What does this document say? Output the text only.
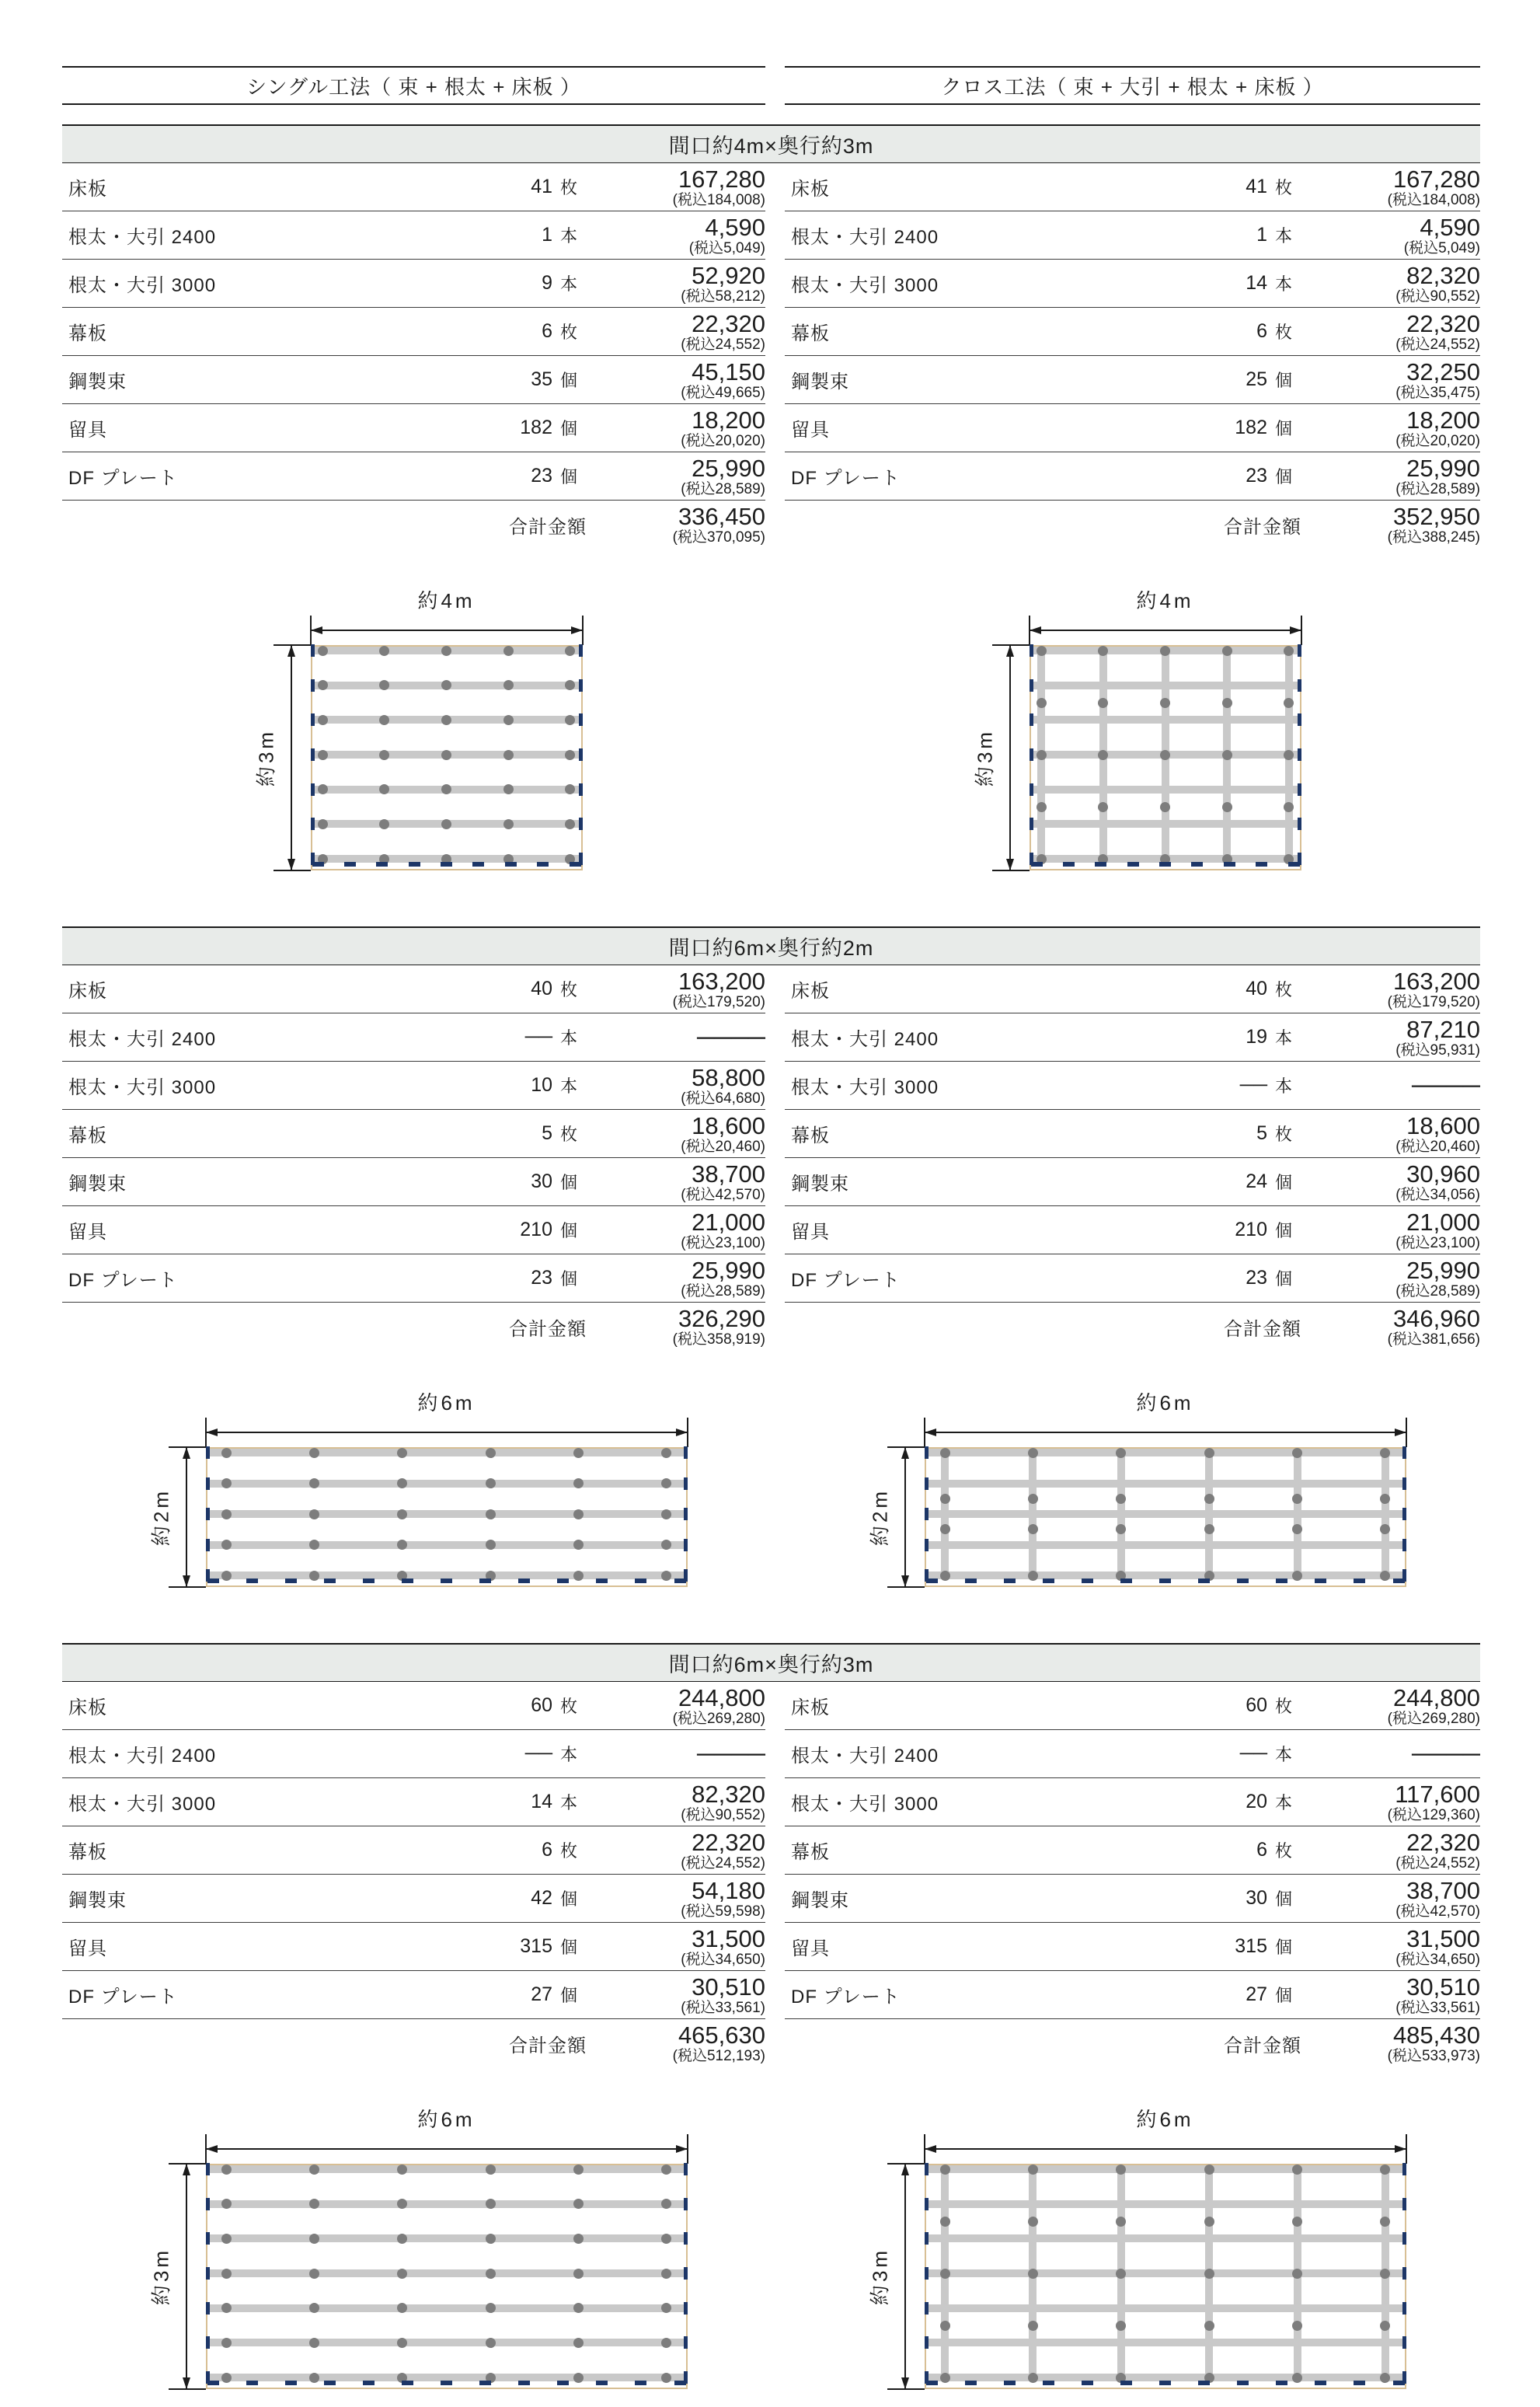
シングル工法（ 束 + 根太 + 床板 ）	クロス工法（ 束 + 大引 + 根太 + 床板 ）
間口約4m×奥行約3m
床板	41 枚	167,280
(税込184,008)
根太・大引 2400	1 本	4,590
(税込5,049)
根太・大引 3000	9 本	52,920
(税込58,212)
幕板	6 枚	22,320
(税込24,552)
鋼製束	35 個	45,150
(税込49,665)
留具	182 個	18,200
(税込20,020)
DF プレート	23 個	25,990
(税込28,589)
合計金額	336,450
(税込370,095)
床板	41 枚	167,280
(税込184,008)
根太・大引 2400	1 本	4,590
(税込5,049)
根太・大引 3000	14 本	82,320
(税込90,552)
幕板	6 枚	22,320
(税込24,552)
鋼製束	25 個	32,250
(税込35,475)
留具	182 個	18,200
(税込20,020)
DF プレート	23 個	25,990
(税込28,589)
合計金額	352,950
(税込388,245)
約4m
約3m
約4m
約3m
間口約6m×奥行約2m
床板	40 枚	163,200
(税込179,520)
根太・大引 2400	── 本	────
根太・大引 3000	10 本	58,800
(税込64,680)
幕板	5 枚	18,600
(税込20,460)
鋼製束	30 個	38,700
(税込42,570)
留具	210 個	21,000
(税込23,100)
DF プレート	23 個	25,990
(税込28,589)
合計金額	326,290
(税込358,919)
床板	40 枚	163,200
(税込179,520)
根太・大引 2400	19 本	87,210
(税込95,931)
根太・大引 3000	── 本	────
幕板	5 枚	18,600
(税込20,460)
鋼製束	24 個	30,960
(税込34,056)
留具	210 個	21,000
(税込23,100)
DF プレート	23 個	25,990
(税込28,589)
合計金額	346,960
(税込381,656)
約6m
約2m
約6m
約2m
間口約6m×奥行約3m
床板	60 枚	244,800
(税込269,280)
根太・大引 2400	── 本	────
根太・大引 3000	14 本	82,320
(税込90,552)
幕板	6 枚	22,320
(税込24,552)
鋼製束	42 個	54,180
(税込59,598)
留具	315 個	31,500
(税込34,650)
DF プレート	27 個	30,510
(税込33,561)
合計金額	465,630
(税込512,193)
床板	60 枚	244,800
(税込269,280)
根太・大引 2400	── 本	────
根太・大引 3000	20 本	117,600
(税込129,360)
幕板	6 枚	22,320
(税込24,552)
鋼製束	30 個	38,700
(税込42,570)
留具	315 個	31,500
(税込34,650)
DF プレート	27 個	30,510
(税込33,561)
合計金額	485,430
(税込533,973)
約6m
約3m
約6m
約3m
